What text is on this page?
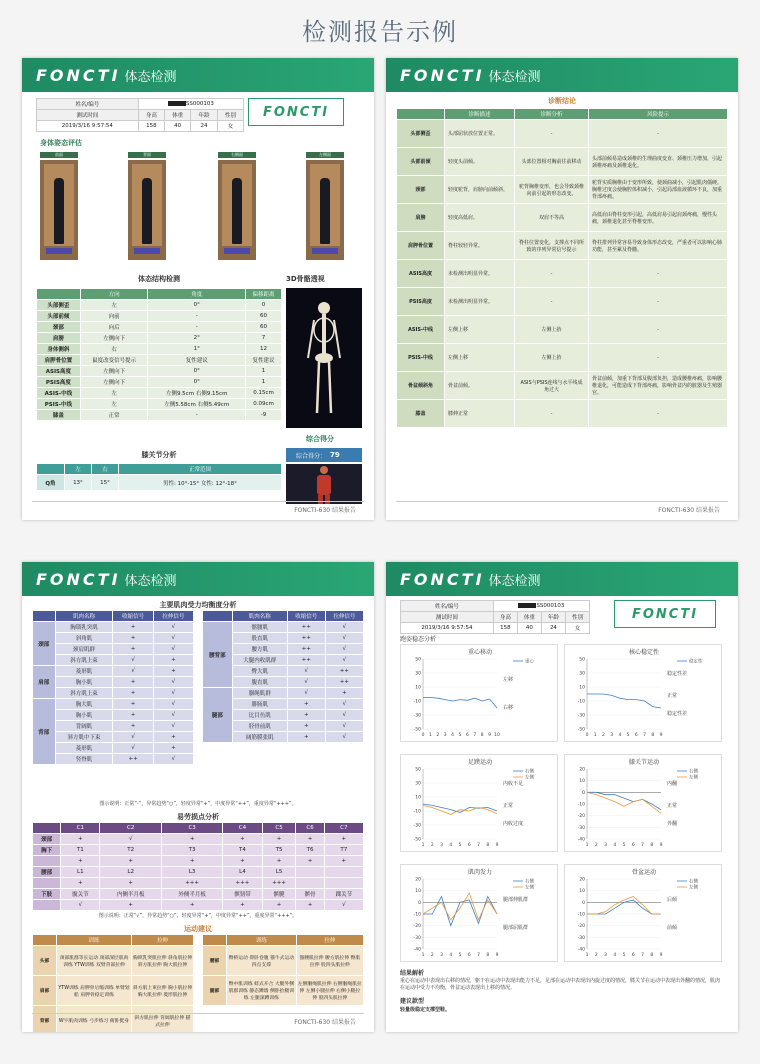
检测报告示例
FONCTI 体态检测
姓名/编号	SS000103			
测试时间	身高	体重	年龄	性别
2019/3/16 9:57:54	158	40	24	女
FONCTI
身体姿态评估
前面	背面	右侧面	左侧面
体态结构检测
	方向	角度	偏移距离
头部侧歪	左	0°	0
头部前倾	向前	-	60
颈部	向后	-	60
肩膀	左侧向下	2°	7
身体侧斜	右	1°	12
肩胛骨位置	鼠度改变信号提示	复性建议	复性建议
ASIS高度	左侧向下	0°	1
PSIS高度	左侧向下	0°	1
ASIS-中线	左	左侧9.5cm 右侧9.15cm	0.15cm
PSIS-中线	左	左侧5.58cm 右侧5.49cm	0.09cm
膝盖	正常	-	-9
3D骨骼透视
综合得分
综合得分： 79
FONCTI-630 结果报告
膝关节分析
	左	右	正常范围
Q角	13°	15°	男性: 10°-15° 女性: 12°-18°
FONCTI 体态检测
诊断结论
	诊断描述	诊断分析	风险提示
头部侧歪	头部屈状放位置正常。	-	-
头部前倾	轻度头前倾。	头部位置相对胸前往前移动	头部前倾易造成颈椎的生理曲度变直、颈椎压力增加，引起颈椎疼痛及颈椎退化。
颈部	轻度驼背，肩膀向前倾斜。	驼背胸椎变形，也会导致颈椎向前引起的形态改变。	驼背实质胸椎由于变形所致，使颈曲减小，引起肌肉僵硬。胸椎过度会使胸腔体积减小，引起局部血液循环不良，加重背部疼痛。
肩膀	轻度高低肩。	双肩不等高	高低肩由脊柱变形引起，高低肩易引起肩颈疼痛，慢性头痛，颈椎退化甚至脊椎变形。
肩胛骨位置	脊柱较轻异常。	脊柱位置变化，支撑点不同所致的序列异常信号提示	脊柱排列异常容易导致身体形态改变，严重者可以影响心肺功能，甚至累及脊髓。
ASIS高度	未检测出明显异常。	-	-
PSIS高度	未检测出明显异常。	-	-
ASIS-中线	左侧上移	左侧上抬	-
PSIS-中线	左侧上移	左侧上抬	-
骨盆倾斜角	骨盆前倾。	ASIS与PSIS连线与水平线成角过大	骨盆前倾，加重下背部及腹部负担，造成腰椎疼痛，影响腰椎退化，可能造成下背部疼痛，影响骨盆内的脏器及生殖器官。
膝盖	膝伸正常	-	-
FONCTI-630 结果报告
FONCTI 体态检测
主要肌肉受力均衡度分析
	肌肉名称	收缩信号	拉伸信号
颈部	胸锁乳突肌	+	√
	斜角肌	+	√
	颈肩肌群	+	√
	斜方肌上束	√	+
肩部	菱形肌	√	+
	胸小肌	+	√
	斜方肌上束	+	√
背部	胸大肌	+	√
	胸小肌	+	√
	背阔肌	+	√
	斜方肌中下束	√	+
	菱形肌	√	+
	竖脊肌	++	√
	肌肉名称	收缩信号	拉伸信号
腰背部	髂腰肌	++	√
	股直肌	++	√
	腰方肌	++	√
	大腿内收肌群	++	√
	臀大肌	√	++
	腹直肌	√	++
腿部	腘绳肌群	√	+
	腓肠肌	+	√
	比目鱼肌	+	√
	胫骨前肌	+	√
	阔筋膜张肌	+	√
图示说明：正常“-”，异常趋势“○”，轻度异常“+”，中度异常“++”，重度异常“+++”。
易劳损点分析
	C1	C2	C3	C4	C5	C6	C7
颈部	+	√	+	+	+	+	+
胸下	T1	T2	T3	T4	T5	T6	T7
	+	+	+	+	+	+	+
腰部	L1	L2	L3	L4	L5		
	+	+	+++	+++	+++		
下肢	髋关节	内侧半月板	外侧半月板	髌韧带	髌腱	髌骨	踝关节
	√	+	+	+	+	+	√
图示说明：正常“√”，异常趋势“○”，轻度异常“+”，中度异常“++”，重度异常“+++”。
运动建议
	训练	拉伸
头部	颈部肌群等长运动 颈部深层肌肉训练 YTW训练 双臂背部拉伸	胸锁乳突肌拉伸 斜角肌拉伸 斜方肌拉伸 胸大肌拉伸
肩部	YTW训练 肩胛骨后缩训练 单臂划船 肩胛骨稳定训练	斜方肌上束拉伸 胸小肌拉伸 胸大肌拉伸 菱形肌拉伸
背部	W字肌肉训练 弓步练习 俯卧挺身	斜方肌拉伸 背阔肌拉伸 猫式拉伸
	训练	拉伸
腰部	臀桥运动 仰卧卷腹 猫牛式运动 四点支撑	髂腰肌拉伸 腰方肌拉伸 臀肌拉伸 股四头肌拉伸
腿部	臀中肌训练 蚌式开合 大腿外侧肌群训练 静态蹲墙 侧卧抬腿训练 左腿深蹲训练	左侧腘绳肌拉伸 右侧腘绳肌拉伸 左侧小腿拉伸 右侧小腿拉伸 股四头肌拉伸
FONCTI-630 结果报告
FONCTI 体态检测
姓名/编号	SS000103			
测试时间	身高	体重	年龄	性别
2019/3/16 9:57:54	158	40	24	女
FONCTI
跑姿稳态分析
重心移动
-50
-30
-10
10
30
50
0 1 2 3 4 5 6 7 8 9 10
重心
左移
右移
核心稳定性
-50
-30
-10
10
30
50
0 1 2 3 4 5 6 7 8 9
稳定性
稳定性差
正常
稳定性差
足蹼运动
-50
-30
-10
10
30
50
1 2 3 4 5 6 7 8 9
右侧
左侧
内收不足
正常
内收过度
膝关节运动
-40
-30
-20
-10
0
10
20
1 2 3 4 5 6 7 8 9
右侧
左侧
内翻
正常
外翻
肌肉发力
-40
-30
-20
-10
0
10
20
1 2 3 4 5 6 7 8 9
右侧
左侧
腿部伸肌群
腿部屈肌群
骨盆运动
-40
-30
-20
-10
0
10
20
1 2 3 4 5 6 7 8 9
右侧
左侧
后倾
前倾
结果解析
重心在运动中表现出右移的情况，躯干在运动中表现出能力不足，足部在运动中表现出内旋过度的情况，膝关节在运动中表现出外翻的情况，肌肉在运动中受力不均衡，骨盆运动表现出上移的情况。
建议款型
轻量级稳定支撑型鞋。
